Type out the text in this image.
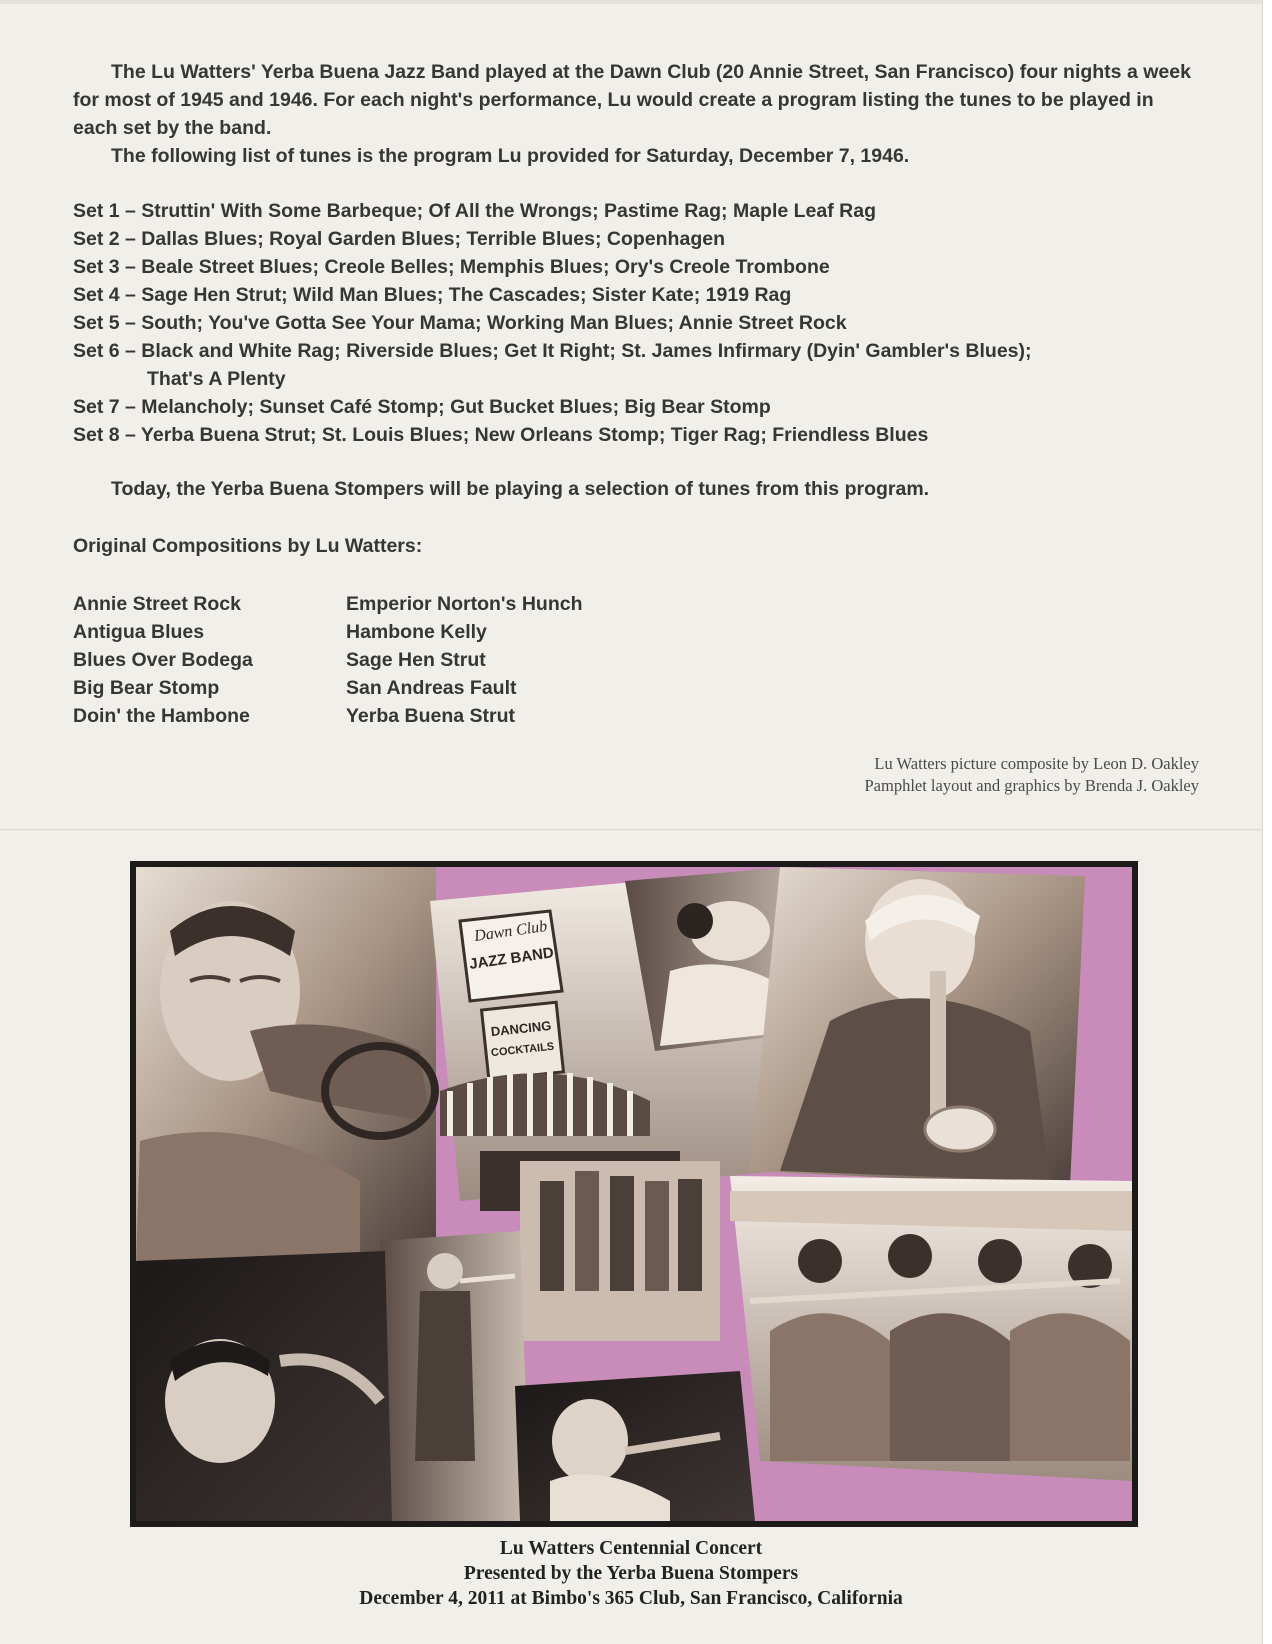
The Lu Watters' Yerba Buena Jazz Band played at the Dawn Club (20 Annie Street, San Francisco) four nights a week for most of 1945 and 1946. For each night's performance, Lu would create a program listing the tunes to be played in each set by the band.

The following list of tunes is the program Lu provided for Saturday, December 7, 1946.

Set 1 – Struttin' With Some Barbeque; Of All the Wrongs; Pastime Rag; Maple Leaf Rag
Set 2 – Dallas Blues; Royal Garden Blues; Terrible Blues; Copenhagen
Set 3 – Beale Street Blues; Creole Belles; Memphis Blues; Ory's Creole Trombone
Set 4 – Sage Hen Strut; Wild Man Blues; The Cascades; Sister Kate; 1919 Rag
Set 5 – South; You've Gotta See Your Mama; Working Man Blues; Annie Street Rock
Set 6 – Black and White Rag; Riverside Blues; Get It Right; St. James Infirmary (Dyin' Gambler's Blues);
That's A Plenty
Set 7 – Melancholy; Sunset Café Stomp; Gut Bucket Blues; Big Bear Stomp
Set 8 – Yerba Buena Strut; St. Louis Blues; New Orleans Stomp; Tiger Rag; Friendless Blues
Today, the Yerba Buena Stompers will be playing a selection of tunes from this program.
Original Compositions by Lu Watters:
Annie Street Rock
Antigua Blues
Blues Over Bodega
Big Bear Stomp
Doin' the Hambone
Emperior Norton's Hunch
Hambone Kelly
Sage Hen Strut
San Andreas Fault
Yerba Buena Strut
Lu Watters picture composite by Leon D. Oakley
Pamphlet layout and graphics by Brenda J. Oakley
Dawn Club
JAZZ BAND
DANCING
COCKTAILS
Lu Watters Centennial Concert
Presented by the Yerba Buena Stompers
December 4, 2011 at Bimbo's 365 Club, San Francisco, California
